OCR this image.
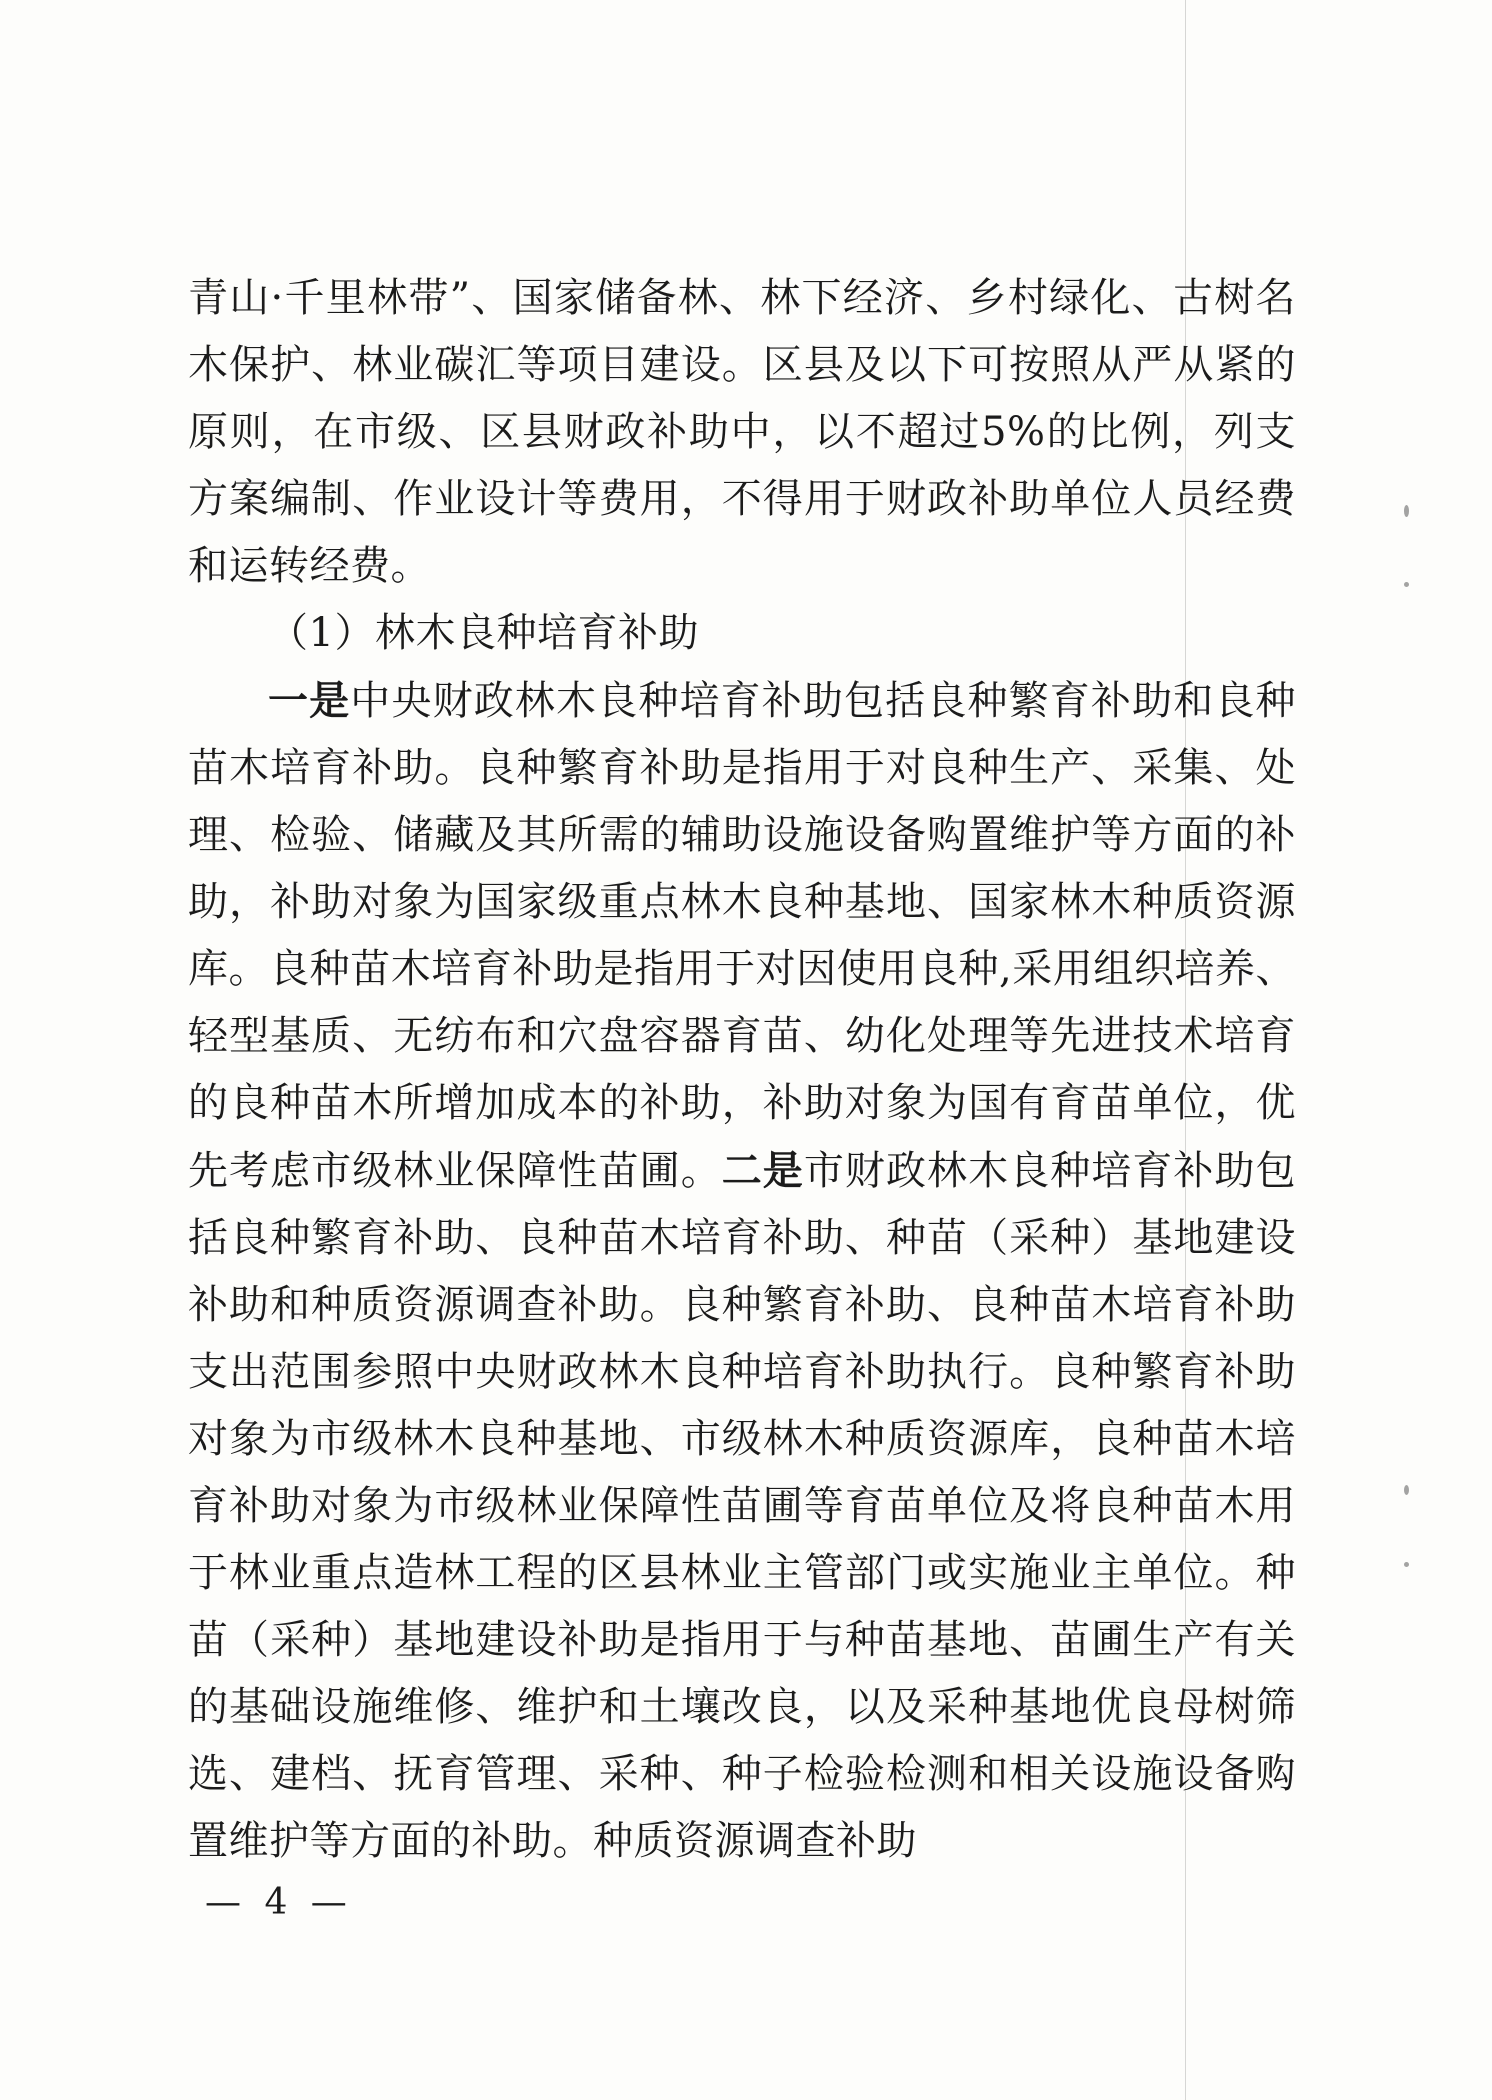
青山·千里林带”、国家储备林、林下经济、乡村绿化、古树名木保护、林业碳汇等项目建设。区县及以下可按照从严从紧的原则，在市级、区县财政补助中，以不超过5%的比例，列支方案编制、作业设计等费用，不得用于财政补助单位人员经费和运转经费。

（1）林木良种培育补助

一是中央财政林木良种培育补助包括良种繁育补助和良种苗木培育补助。良种繁育补助是指用于对良种生产、采集、处理、检验、储藏及其所需的辅助设施设备购置维护等方面的补助，补助对象为国家级重点林木良种基地、国家林木种质资源库。良种苗木培育补助是指用于对因使用良种,采用组织培养、轻型基质、无纺布和穴盘容器育苗、幼化处理等先进技术培育的良种苗木所增加成本的补助，补助对象为国有育苗单位，优先考虑市级林业保障性苗圃。二是市财政林木良种培育补助包括良种繁育补助、良种苗木培育补助、种苗（采种）基地建设补助和种质资源调查补助。良种繁育补助、良种苗木培育补助支出范围参照中央财政林木良种培育补助执行。良种繁育补助对象为市级林木良种基地、市级林木种质资源库，良种苗木培育补助对象为市级林业保障性苗圃等育苗单位及将良种苗木用于林业重点造林工程的区县林业主管部门或实施业主单位。种苗（采种）基地建设补助是指用于与种苗基地、苗圃生产有关的基础设施维修、维护和土壤改良，以及采种基地优良母树筛选、建档、抚育管理、采种、种子检验检测和相关设施设备购置维护等方面的补助。种质资源调查补助

— 4 —
